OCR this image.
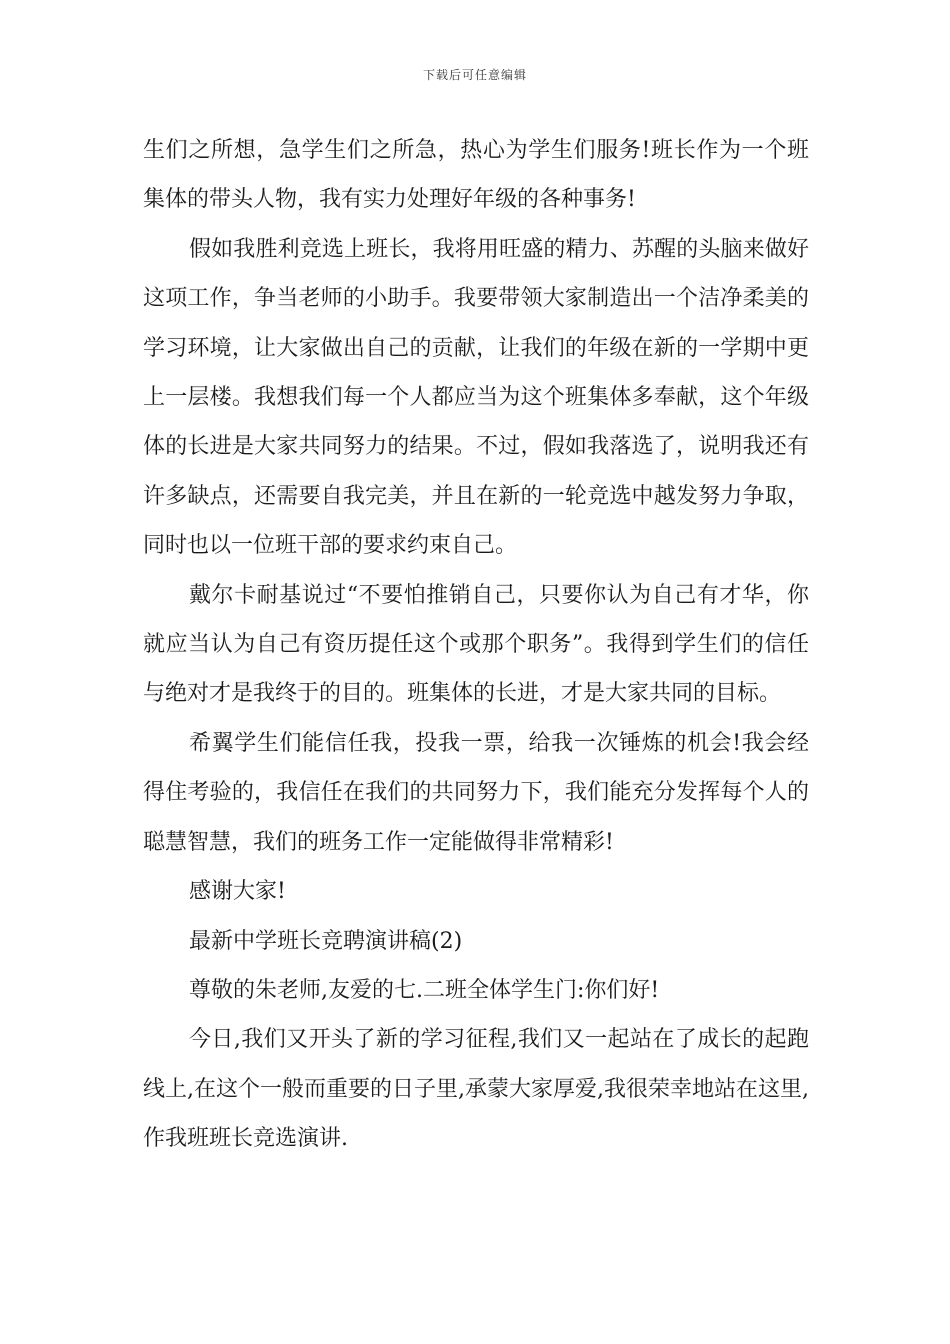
下载后可任意编辑

生们之所想，急学生们之所急，热心为学生们服务!班长作为一个班集体的带头人物，我有实力处理好年级的各种事务!

假如我胜利竞选上班长，我将用旺盛的精力、苏醒的头脑来做好这项工作，争当老师的小助手。我要带领大家制造出一个洁净柔美的学习环境，让大家做出自己的贡献，让我们的年级在新的一学期中更上一层楼。我想我们每一个人都应当为这个班集体多奉献，这个年级体的长进是大家共同努力的结果。不过，假如我落选了，说明我还有许多缺点，还需要自我完美，并且在新的一轮竞选中越发努力争取，同时也以一位班干部的要求约束自己。

戴尔卡耐基说过“不要怕推销自己，只要你认为自己有才华，你就应当认为自己有资历提任这个或那个职务”。我得到学生们的信任与绝对才是我终于的目的。班集体的长进，才是大家共同的目标。

希翼学生们能信任我，投我一票，给我一次锤炼的机会!我会经得住考验的，我信任在我们的共同努力下，我们能充分发挥每个人的聪慧智慧，我们的班务工作一定能做得非常精彩!

感谢大家!

最新中学班长竞聘演讲稿(2)

尊敬的朱老师,友爱的七.二班全体学生门:你们好!

今日,我们又开头了新的学习征程,我们又一起站在了成长的起跑线上,在这个一般而重要的日子里,承蒙大家厚爱,我很荣幸地站在这里,作我班班长竞选演讲.
